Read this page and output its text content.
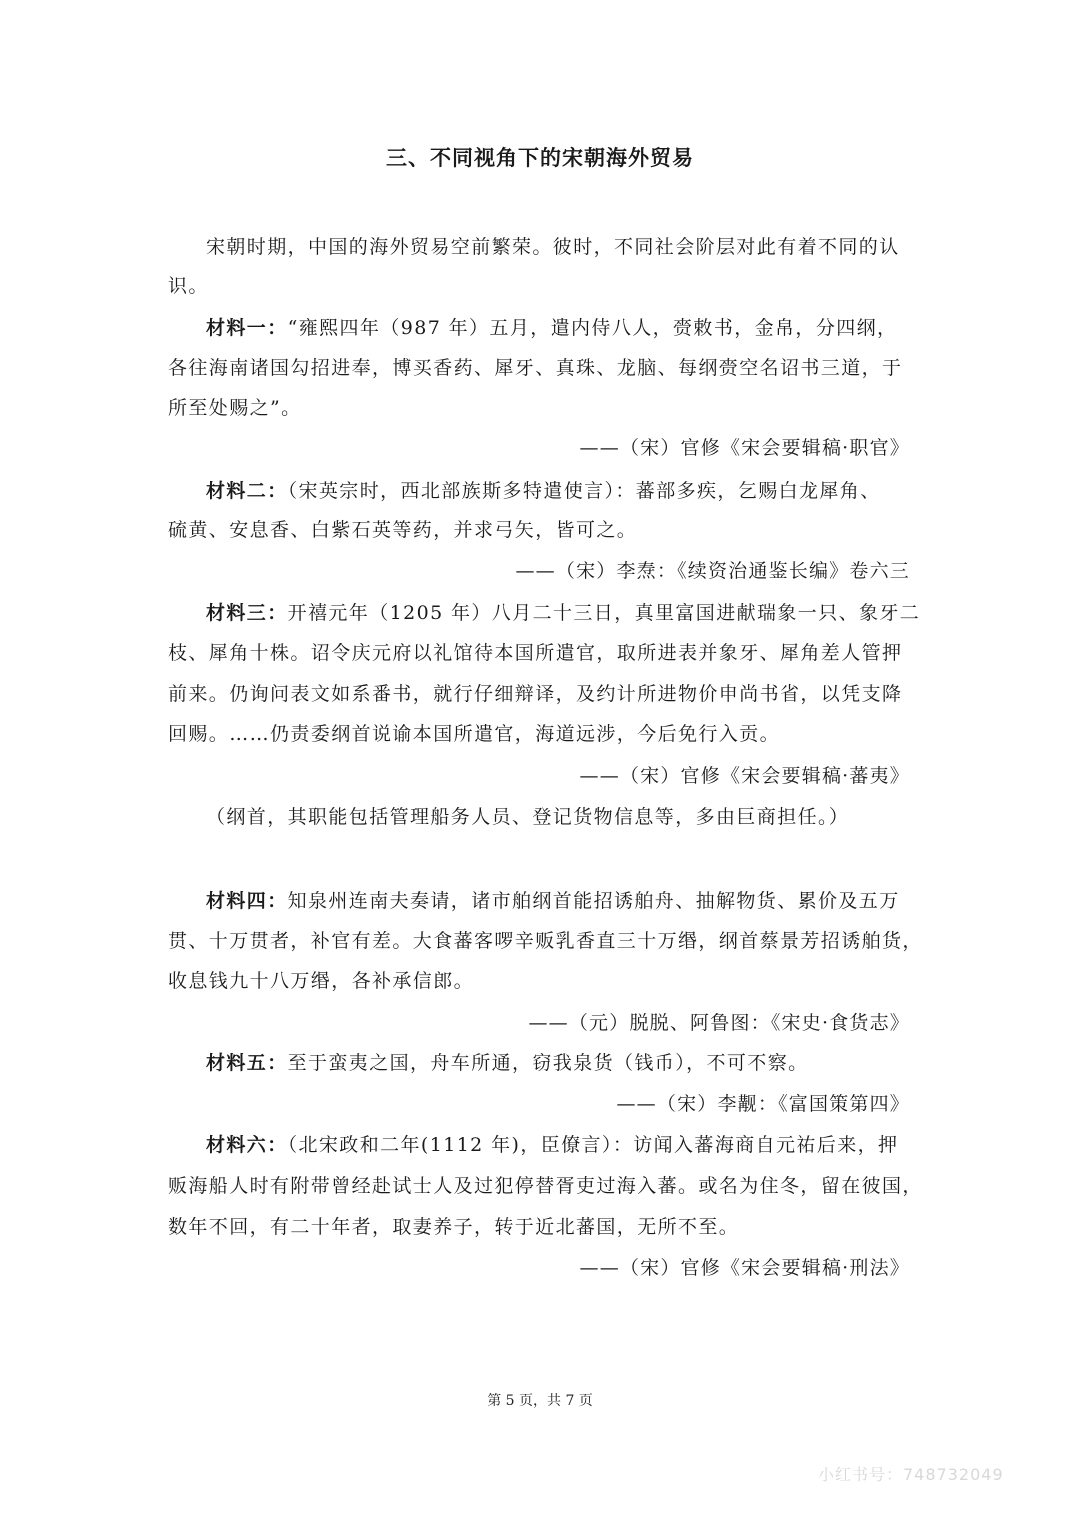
三、不同视角下的宋朝海外贸易
宋朝时期，中国的海外贸易空前繁荣。彼时，不同社会阶层对此有着不同的认
识。
材料一：“雍熙四年（987 年）五月，遣内侍八人，赍敕书，金帛，分四纲，
各往海南诸国勾招进奉，博买香药、犀牙、真珠、龙脑、每纲赍空名诏书三道，于
所至处赐之”。
——（宋）官修《宋会要辑稿·职官》
材料二：（宋英宗时，西北部族斯多特遣使言）：蕃部多疾，乞赐白龙犀角、
硫黄、安息香、白紫石英等药，并求弓矢，皆可之。
——（宋）李焘：《续资治通鉴长编》卷六三
材料三：开禧元年（1205 年）八月二十三日，真里富国进献瑞象一只、象牙二
枝、犀角十株。诏令庆元府以礼馆待本国所遣官，取所进表并象牙、犀角差人管押
前来。仍询问表文如系番书，就行仔细辩译，及约计所进物价申尚书省，以凭支降
回赐。……仍责委纲首说谕本国所遣官，海道远涉，今后免行入贡。
——（宋）官修《宋会要辑稿·蕃夷》
（纲首，其职能包括管理船务人员、登记货物信息等，多由巨商担任。）
材料四：知泉州连南夫奏请，诸市舶纲首能招诱舶舟、抽解物货、累价及五万
贯、十万贯者，补官有差。大食蕃客啰辛贩乳香直三十万缗，纲首蔡景芳招诱舶货，
收息钱九十八万缗，各补承信郎。
——（元）脱脱、阿鲁图：《宋史·食货志》
材料五：至于蛮夷之国，舟车所通，窃我泉货（钱币），不可不察。
——（宋）李觏：《富国策第四》
材料六：（北宋政和二年(1112 年)，臣僚言）：访闻入蕃海商自元祐后来，押
贩海船人时有附带曾经赴试士人及过犯停替胥吏过海入蕃。或名为住冬，留在彼国，
数年不回，有二十年者，取妻养子，转于近北蕃国，无所不至。
——（宋）官修《宋会要辑稿·刑法》
第 5 页，共 7 页
小红书号：748732049
